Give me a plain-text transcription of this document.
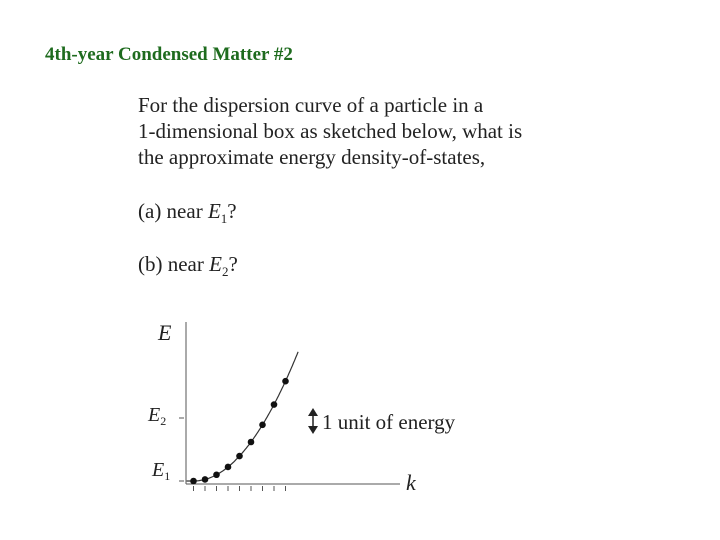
4th-year Condensed Matter #2
For the dispersion curve of a particle in a
1-dimensional box as sketched below, what is
the approximate energy density-of-states,
(a) near $E_1$?
(b) near $E_2$?
E
k
$E_2$
$E_1$
1 unit of energy
